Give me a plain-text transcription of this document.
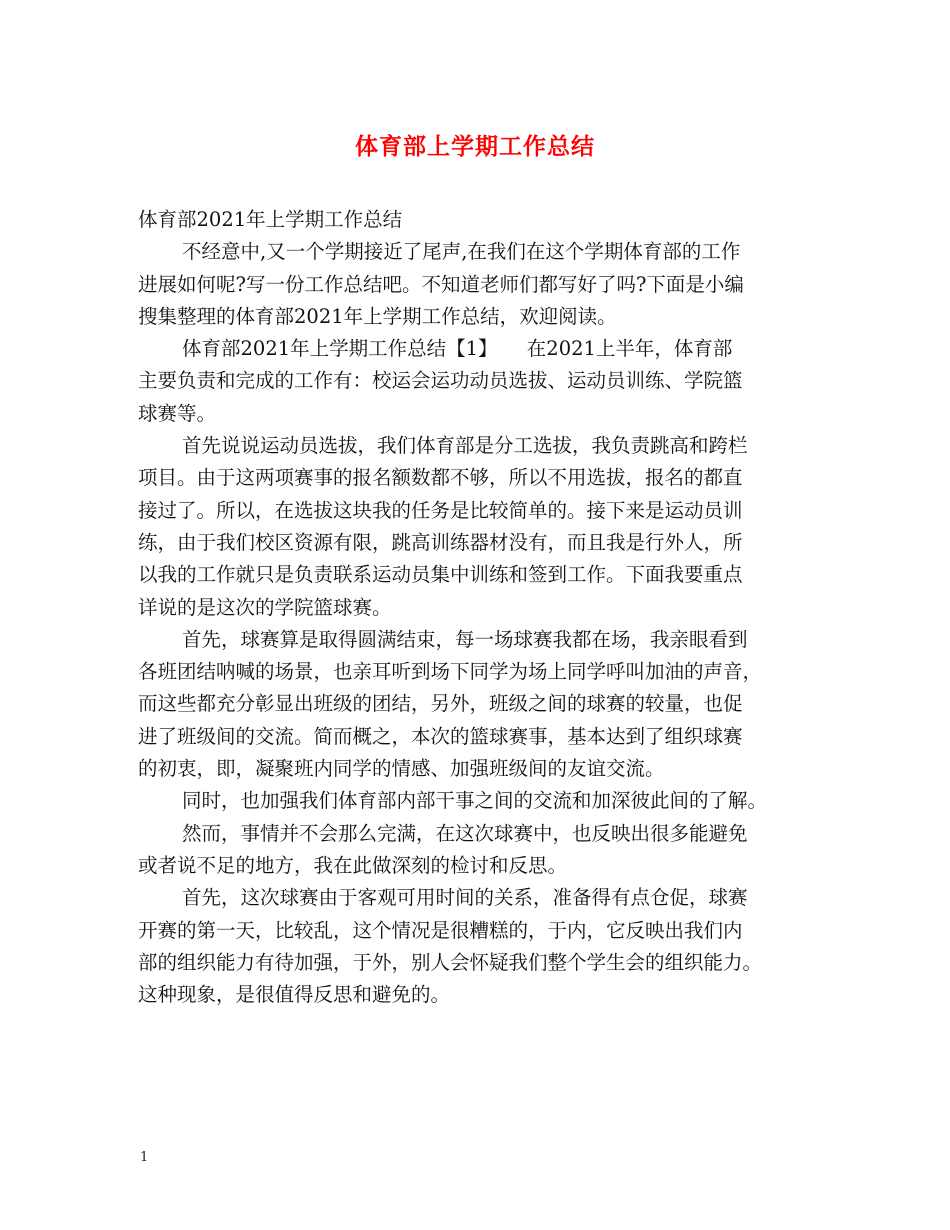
体育部上学期工作总结
体育部2021年上学期工作总结
不经意中,又一个学期接近了尾声,在我们在这个学期体育部的工作
进展如何呢?写一份工作总结吧。不知道老师们都写好了吗?下面是小编
搜集整理的体育部2021年上学期工作总结，欢迎阅读。
体育部2021年上学期工作总结【1】　　在2021上半年，体育部
主要负责和完成的工作有：校运会运功动员选拔、运动员训练、学院篮
球赛等。
首先说说运动员选拔，我们体育部是分工选拔，我负责跳高和跨栏
项目。由于这两项赛事的报名额数都不够，所以不用选拔，报名的都直
接过了。所以，在选拔这块我的任务是比较简单的。接下来是运动员训
练，由于我们校区资源有限，跳高训练器材没有，而且我是行外人，所
以我的工作就只是负责联系运动员集中训练和签到工作。下面我要重点
详说的是这次的学院篮球赛。
首先，球赛算是取得圆满结束，每一场球赛我都在场，我亲眼看到
各班团结呐喊的场景，也亲耳听到场下同学为场上同学呼叫加油的声音，
而这些都充分彰显出班级的团结，另外，班级之间的球赛的较量，也促
进了班级间的交流。简而概之，本次的篮球赛事，基本达到了组织球赛
的初衷，即，凝聚班内同学的情感、加强班级间的友谊交流。
同时，也加强我们体育部内部干事之间的交流和加深彼此间的了解。
然而，事情并不会那么完满，在这次球赛中，也反映出很多能避免
或者说不足的地方，我在此做深刻的检讨和反思。
首先，这次球赛由于客观可用时间的关系，准备得有点仓促，球赛
开赛的第一天，比较乱，这个情况是很糟糕的，于内，它反映出我们内
部的组织能力有待加强，于外，别人会怀疑我们整个学生会的组织能力。
这种现象，是很值得反思和避免的。
1
